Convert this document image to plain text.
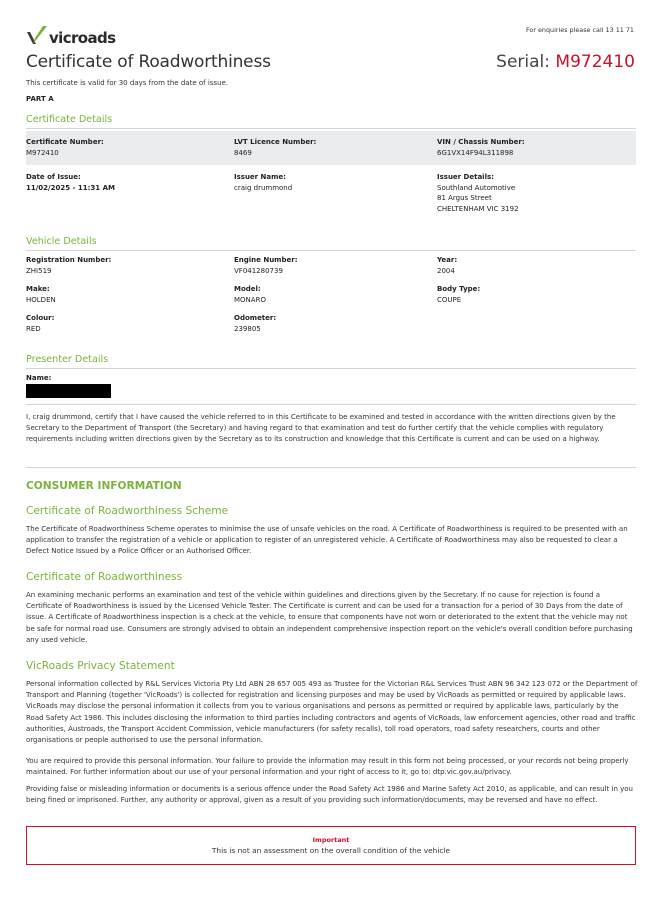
vicroads	For enquiries please call 13 11 71
Certificate of Roadworthiness	Serial: M972410
This certificate is valid for 30 days from the date of issue.
PART A
Certificate Details
Certificate Number:
M972410
LVT Licence Number:
8469
VIN / Chassis Number:
6G1VX14F94L311898
Date of Issue:
11/02/2025 - 11:31 AM
Issuer Name:
craig drummond
Issuer Details:
Southland Automotive
81 Argus Street
CHELTENHAM VIC 3192
Vehicle Details
Registration Number:
ZHI519
Engine Number:
VF041280739
Year:
2004
Make:
HOLDEN
Model:
MONARO
Body Type:
COUPE
Colour:
RED
Odometer:
239805
Presenter Details
Name:
I, craig drummond, certify that I have caused the vehicle referred to in this Certificate to be examined and tested in accordance with the written directions given by the Secretary to the Department of Transport (the Secretary) and having regard to that examination and test do further certify that the vehicle complies with regulatory requirements including written directions given by the Secretary as to its construction and knowledge that this Certificate is current and can be used on a highway.
CONSUMER INFORMATION
Certificate of Roadworthiness Scheme
The Certificate of Roadworthiness Scheme operates to minimise the use of unsafe vehicles on the road. A Certificate of Roadworthiness is required to be presented with an application to transfer the registration of a vehicle or application to register of an unregistered vehicle. A Certificate of Roadworthiness may also be requested to clear a Defect Notice Issued by a Police Officer or an Authorised Officer.
Certificate of Roadworthiness
An examining mechanic performs an examination and test of the vehicle within guidelines and directions given by the Secretary. If no cause for rejection is found a Certificate of Roadworthiness is issued by the Licensed Vehicle Tester. The Certificate is current and can be used for a transaction for a period of 30 Days from the date of issue. A Certificate of Roadworthiness inspection is a check at the vehicle, to ensure that components have not worn or deteriorated to the extent that the vehicle may not be safe for normal road use. Consumers are strongly advised to obtain an independent comprehensive inspection report on the vehicle's overall condition before purchasing any used vehicle.
VicRoads Privacy Statement
Personal information collected by R&L Services Victoria Pty Ltd ABN 28 657 005 493 as Trustee for the Victorian R&L Services Trust ABN 96 342 123 072 or the Department of Transport and Planning (together 'VicRoads') is collected for registration and licensing purposes and may be used by VicRoads as permitted or required by applicable laws. VicRoads may disclose the personal information it collects from you to various organisations and persons as permitted or required by applicable laws, particularly by the Road Safety Act 1986. This includes disclosing the information to third parties including contractors and agents of VicRoads, law enforcement agencies, other road and traffic authorities, Austroads, the Transport Accident Commission, vehicle manufacturers (for safety recalls), toll road operators, road safety researchers, courts and other organisations or people authorised to use the personal information.
You are required to provide this personal information. Your failure to provide the information may result in this form not being processed, or your records not being properly maintained. For further information about our use of your personal information and your right of access to it, go to: dtp.vic.gov.au/privacy.
Providing false or misleading information or documents is a serious offence under the Road Safety Act 1986 and Marine Safety Act 2010, as applicable, and can result in you being fined or imprisoned. Further, any authority or approval, given as a result of you providing such information/documents, may be reversed and have no effect.
Important
This is not an assessment on the overall condition of the vehicle
